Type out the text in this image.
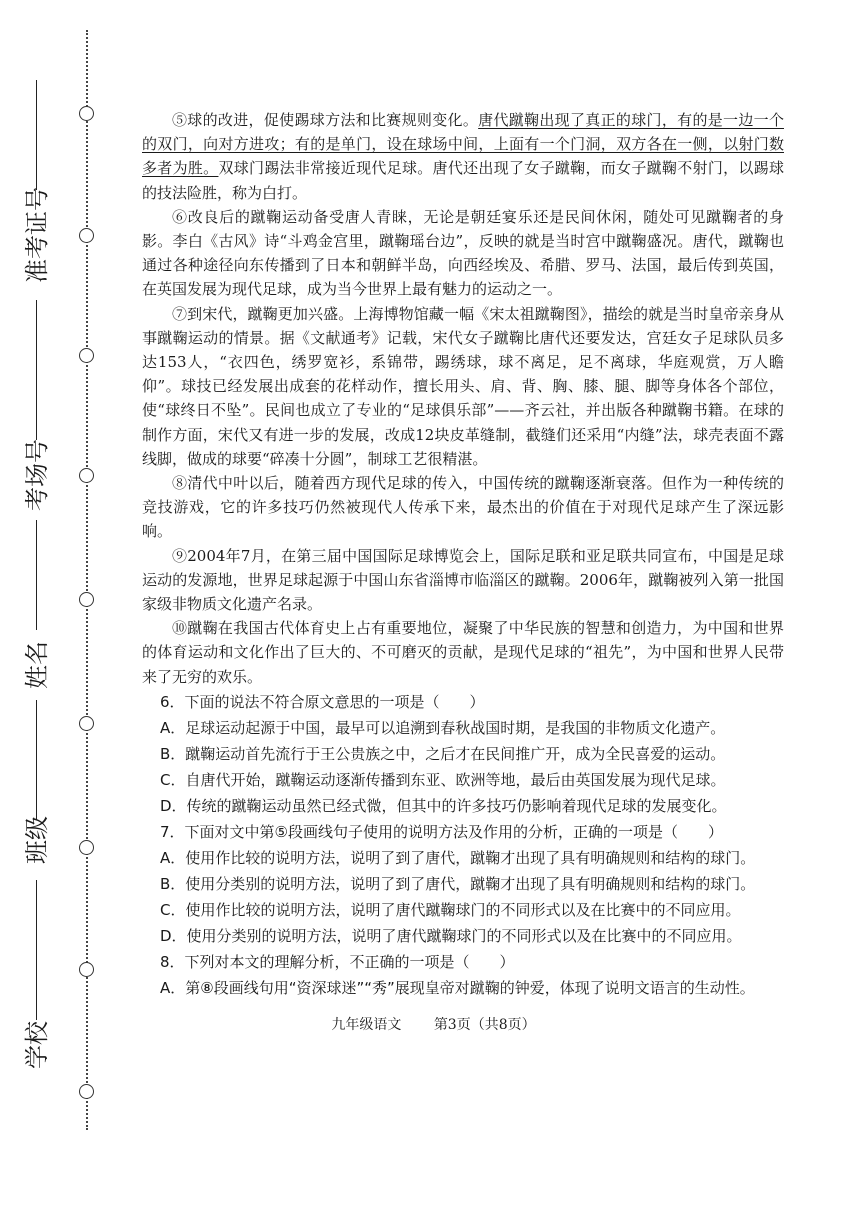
准考证号
考场号
姓名
班级
学校

⑤球的改进，促使踢球方法和比赛规则变化。唐代蹴鞠出现了真正的球门，有的是一边一个的双门，向对方进攻；有的是单门，设在球场中间，上面有一个门洞，双方各在一侧，以射门数多者为胜。双球门踢法非常接近现代足球。唐代还出现了女子蹴鞠，而女子蹴鞠不射门，以踢球的技法险胜，称为白打。

⑥改良后的蹴鞠运动备受唐人青睐，无论是朝廷宴乐还是民间休闲，随处可见蹴鞠者的身影。李白《古风》诗“斗鸡金宫里，蹴鞠瑶台边”，反映的就是当时宫中蹴鞠盛况。唐代，蹴鞠也通过各种途径向东传播到了日本和朝鲜半岛，向西经埃及、希腊、罗马、法国，最后传到英国，在英国发展为现代足球，成为当今世界上最有魅力的运动之一。

⑦到宋代，蹴鞠更加兴盛。上海博物馆藏一幅《宋太祖蹴鞠图》，描绘的就是当时皇帝亲身从事蹴鞠运动的情景。据《文献通考》记载，宋代女子蹴鞠比唐代还要发达，宫廷女子足球队员多达153人，“衣四色，绣罗宽衫，系锦带，踢绣球，球不离足，足不离球，华庭观赏，万人瞻仰”。球技已经发展出成套的花样动作，擅长用头、肩、背、胸、膝、腿、脚等身体各个部位，使“球终日不坠”。民间也成立了专业的“足球俱乐部”——齐云社，并出版各种蹴鞠书籍。在球的制作方面，宋代又有进一步的发展，改成12块皮革缝制，截缝们还采用“内缝”法，球壳表面不露线脚，做成的球要“碎凑十分圆”，制球工艺很精湛。

⑧清代中叶以后，随着西方现代足球的传入，中国传统的蹴鞠逐渐衰落。但作为一种传统的竞技游戏，它的许多技巧仍然被现代人传承下来，最杰出的价值在于对现代足球产生了深远影响。

⑨2004年7月，在第三届中国国际足球博览会上，国际足联和亚足联共同宣布，中国是足球运动的发源地，世界足球起源于中国山东省淄博市临淄区的蹴鞠。2006年，蹴鞠被列入第一批国家级非物质文化遗产名录。

⑩蹴鞠在我国古代体育史上占有重要地位，凝聚了中华民族的智慧和创造力，为中国和世界的体育运动和文化作出了巨大的、不可磨灭的贡献，是现代足球的“祖先”，为中国和世界人民带来了无穷的欢乐。

6．下面的说法不符合原文意思的一项是（　　）

A．足球运动起源于中国，最早可以追溯到春秋战国时期，是我国的非物质文化遗产。

B．蹴鞠运动首先流行于王公贵族之中，之后才在民间推广开，成为全民喜爱的运动。

C．自唐代开始，蹴鞠运动逐渐传播到东亚、欧洲等地，最后由英国发展为现代足球。

D．传统的蹴鞠运动虽然已经式微，但其中的许多技巧仍影响着现代足球的发展变化。

7．下面对文中第⑤段画线句子使用的说明方法及作用的分析，正确的一项是（　　）

A．使用作比较的说明方法，说明了到了唐代，蹴鞠才出现了具有明确规则和结构的球门。

B．使用分类别的说明方法，说明了到了唐代，蹴鞠才出现了具有明确规则和结构的球门。

C．使用作比较的说明方法，说明了唐代蹴鞠球门的不同形式以及在比赛中的不同应用。

D．使用分类别的说明方法，说明了唐代蹴鞠球门的不同形式以及在比赛中的不同应用。

8．下列对本文的理解分析，不正确的一项是（　　）

A．第⑧段画线句用“资深球迷”“秀”展现皇帝对蹴鞠的钟爱，体现了说明文语言的生动性。

九年级语文 第3页（共8页）
